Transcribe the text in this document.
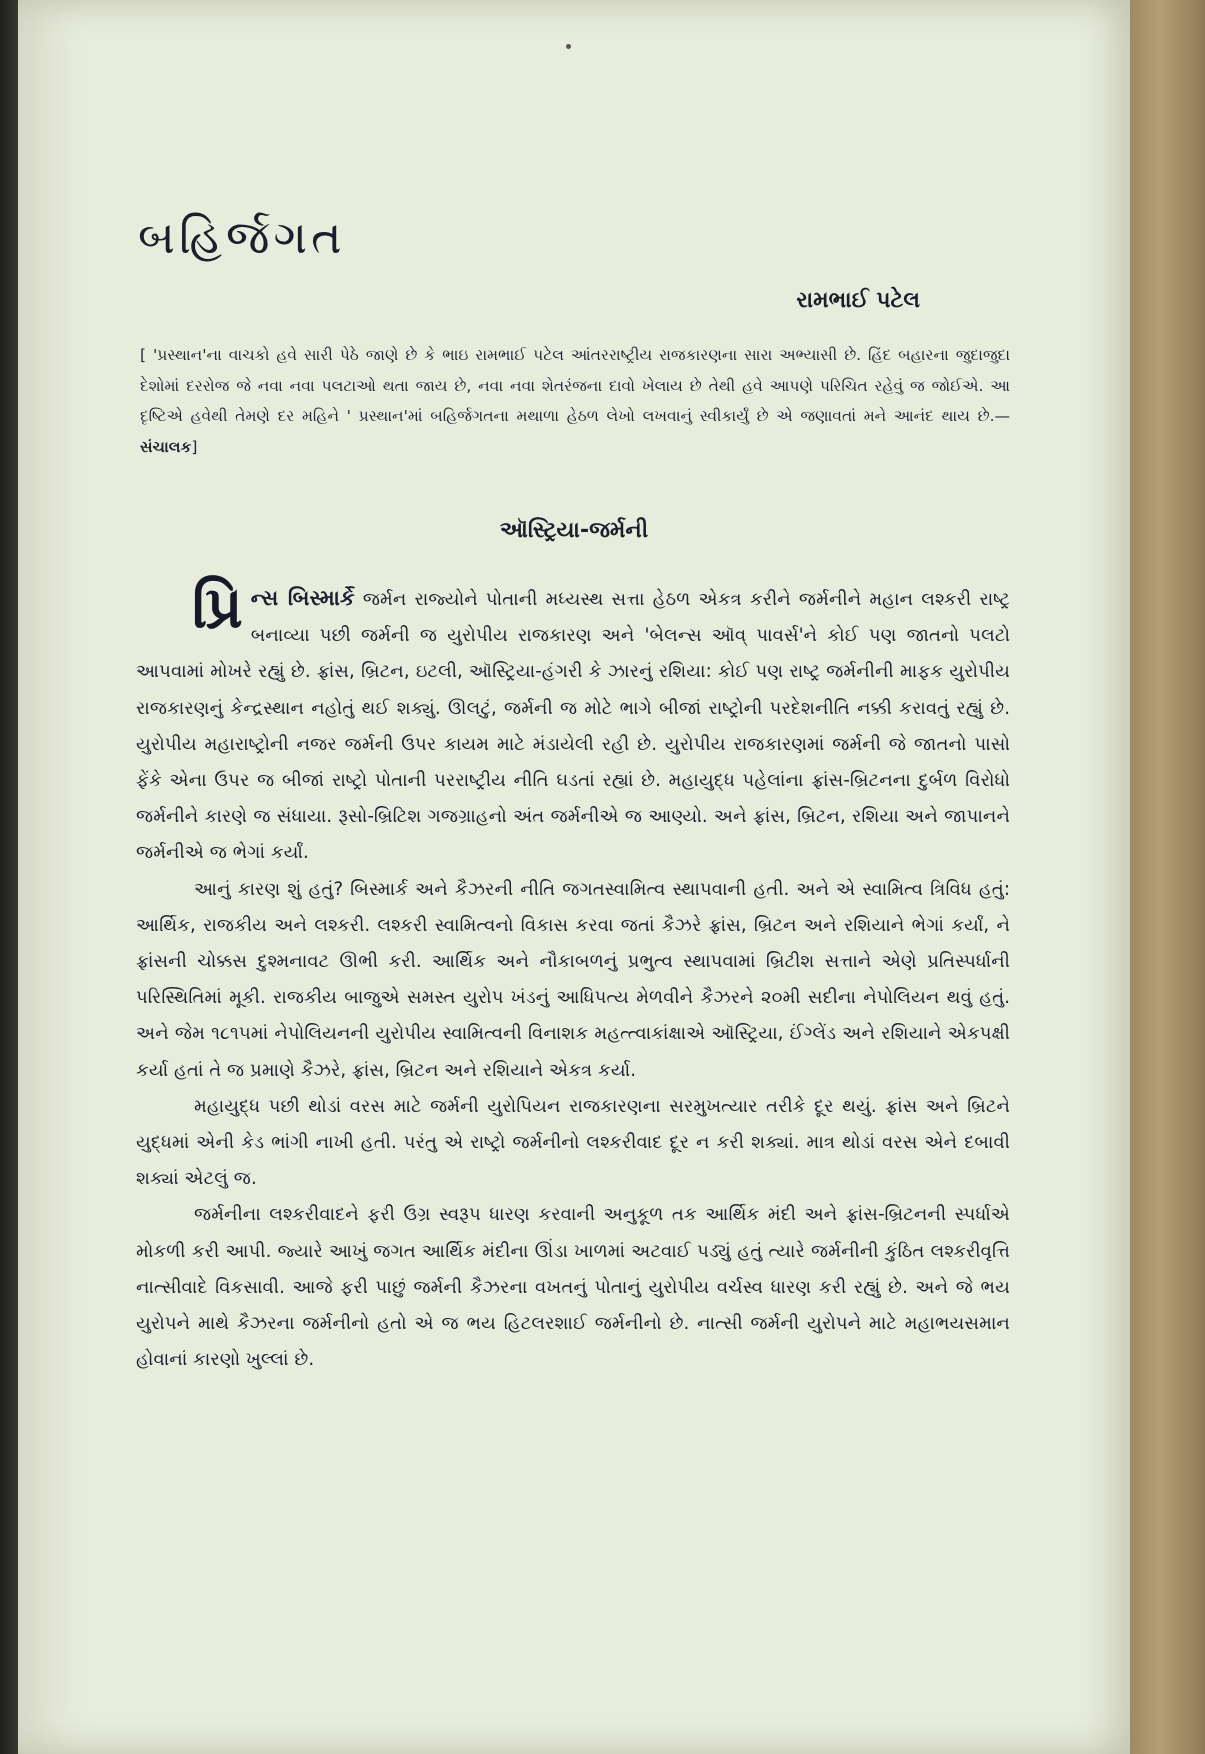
બહિર્જગત
રામભાઈ પટેલ
[ 'પ્રસ્થાન'ના વાચકો હવે સારી પેઠે જાણે છે કે ભાઇ રામભાઈ પટેલ આંતરરાષ્ટ્રીય રાજકારણના સારા અભ્યાસી છે. હિંદ બહારના જુદાજુદા દેશોમાં દરરોજ જે નવા નવા પલટાઓ થતા જાય છે, નવા નવા શેતરંજના દાવો ખેલાય છે તેથી હવે આપણે પરિચિત રહેવું જ જોઈએ. આ દૃષ્ટિએ હવેથી તેમણે દર મહિને ' પ્રસ્થાન'માં બહિર્જગતના મથાળા હેઠળ લેખો લખવાનું સ્વીકાર્યું છે એ જણાવતાં મને આનંદ થાય છે.—સંચાલક]
ઑસ્ટ્રિયા-જર્મની

પ્રિ ન્સ બિસ્માર્કે જર્મન રાજ્યોને પોતાની મધ્યસ્થ સત્તા હેઠળ એકત્ર કરીને જર્મનીને મહાન લશ્કરી રાષ્ટ્ર બનાવ્યા પછી જર્મની જ યુરોપીય રાજકારણ અને 'બેલન્સ ઑવ્ પાવર્સ'ને કોઈ પણ જાતનો પલટો આપવામાં મોખરે રહ્યું છે. ફ્રાંસ, બ્રિટન, ઇટલી, ઑસ્ટ્રિયા-હંગરી કે ઝારનું રશિયા: કોઈ પણ રાષ્ટ્ર જર્મનીની માફક યુરોપીય રાજકારણનું કેન્દ્રસ્થાન નહોતું થઈ શક્યું. ઊલટું, જર્મની જ મોટે ભાગે બીજાં રાષ્ટ્રોની પરદેશનીતિ નક્કી કરાવતું રહ્યું છે. યુરોપીય મહારાષ્ટ્રોની નજર જર્મની ઉપર કાયમ માટે મંડાયેલી રહી છે. યુરોપીય રાજકારણમાં જર્મની જે જાતનો પાસો ફેંકે એના ઉપર જ બીજાં રાષ્ટ્રો પોતાની પરરાષ્ટ્રીય નીતિ ઘડતાં રહ્યાં છે. મહાયુદ્ધ પહેલાંના ફ્રાંસ-બ્રિટનના દુર્બળ વિરોધો જર્મનીને કારણે જ સંધાયા. રૂસો-બ્રિટિશ ગજગ્રાહનો અંત જર્મનીએ જ આણ્યો. અને ફ્રાંસ, બ્રિટન, રશિયા અને જાપાનને જર્મનીએ જ ભેગાં કર્યાં.

આનું કારણ શું હતું? બિસ્માર્ક અને કૈઝરની નીતિ જગતસ્વામિત્વ સ્થાપવાની હતી. અને એ સ્વામિત્વ ત્રિવિધ હતું: આર્થિક, રાજકીય અને લશ્કરી. લશ્કરી સ્વામિત્વનો વિકાસ કરવા જતાં કૈઝરે ફ્રાંસ, બ્રિટન અને રશિયાને ભેગાં કર્યાં, ને ફ્રાંસની ચોક્કસ દુશ્મનાવટ ઊભી કરી. આર્થિક અને નૌકાબળનું પ્રભુત્વ સ્થાપવામાં બ્રિટીશ સત્તાને એણે પ્રતિસ્પર્ધાની પરિસ્થિતિમાં મૂકી. રાજકીય બાજુએ સમસ્ત યુરોપ ખંડનું આધિપત્ય મેળવીને કૈઝરને ૨૦મી સદીના નેપોલિયન થવું હતું. અને જેમ ૧૮૧૫માં નેપોલિયનની યુરોપીય સ્વામિત્વની વિનાશક મહત્ત્વાકાંક્ષાએ ઑસ્ટ્રિયા, ઈંગ્લેંડ અને રશિયાને એકપક્ષી કર્યા હતાં તે જ પ્રમાણે કૈઝરે, ફ્રાંસ, બ્રિટન અને રશિયાને એકત્ર કર્યા.

મહાયુદ્ધ પછી થોડાં વરસ માટે જર્મની યુરોપિયન રાજકારણના સરમુખત્યાર તરીકે દૂર થયું. ફ્રાંસ અને બ્રિટને યુદ્ધમાં એની કેડ ભાંગી નાખી હતી. પરંતુ એ રાષ્ટ્રો જર્મનીનો લશ્કરીવાદ દૂર ન કરી શક્યાં. માત્ર થોડાં વરસ એને દબાવી શક્યાં એટલું જ.

જર્મનીના લશ્કરીવાદને ફરી ઉગ્ર સ્વરૂપ ધારણ કરવાની અનુકૂળ તક આર્થિક મંદી અને ફ્રાંસ-બ્રિટનની સ્પર્ધાએ મોકળી કરી આપી. જ્યારે આખું જગત આર્થિક મંદીના ઊંડા ખાળમાં અટવાઈ પડ્યું હતું ત્યારે જર્મનીની કુંઠિત લશ્કરીવૃત્તિ નાત્સીવાદે વિકસાવી. આજે ફરી પાછું જર્મની કૈઝરના વખતનું પોતાનું યુરોપીય વર્ચસ્વ ધારણ કરી રહ્યું છે. અને જે ભય યુરોપને માથે કૈઝરના જર્મનીનો હતો એ જ ભય હિટલરશાઈ જર્મનીનો છે. નાત્સી જર્મની યુરોપને માટે મહાભયસમાન હોવાનાં કારણો ખુલ્લાં છે.
